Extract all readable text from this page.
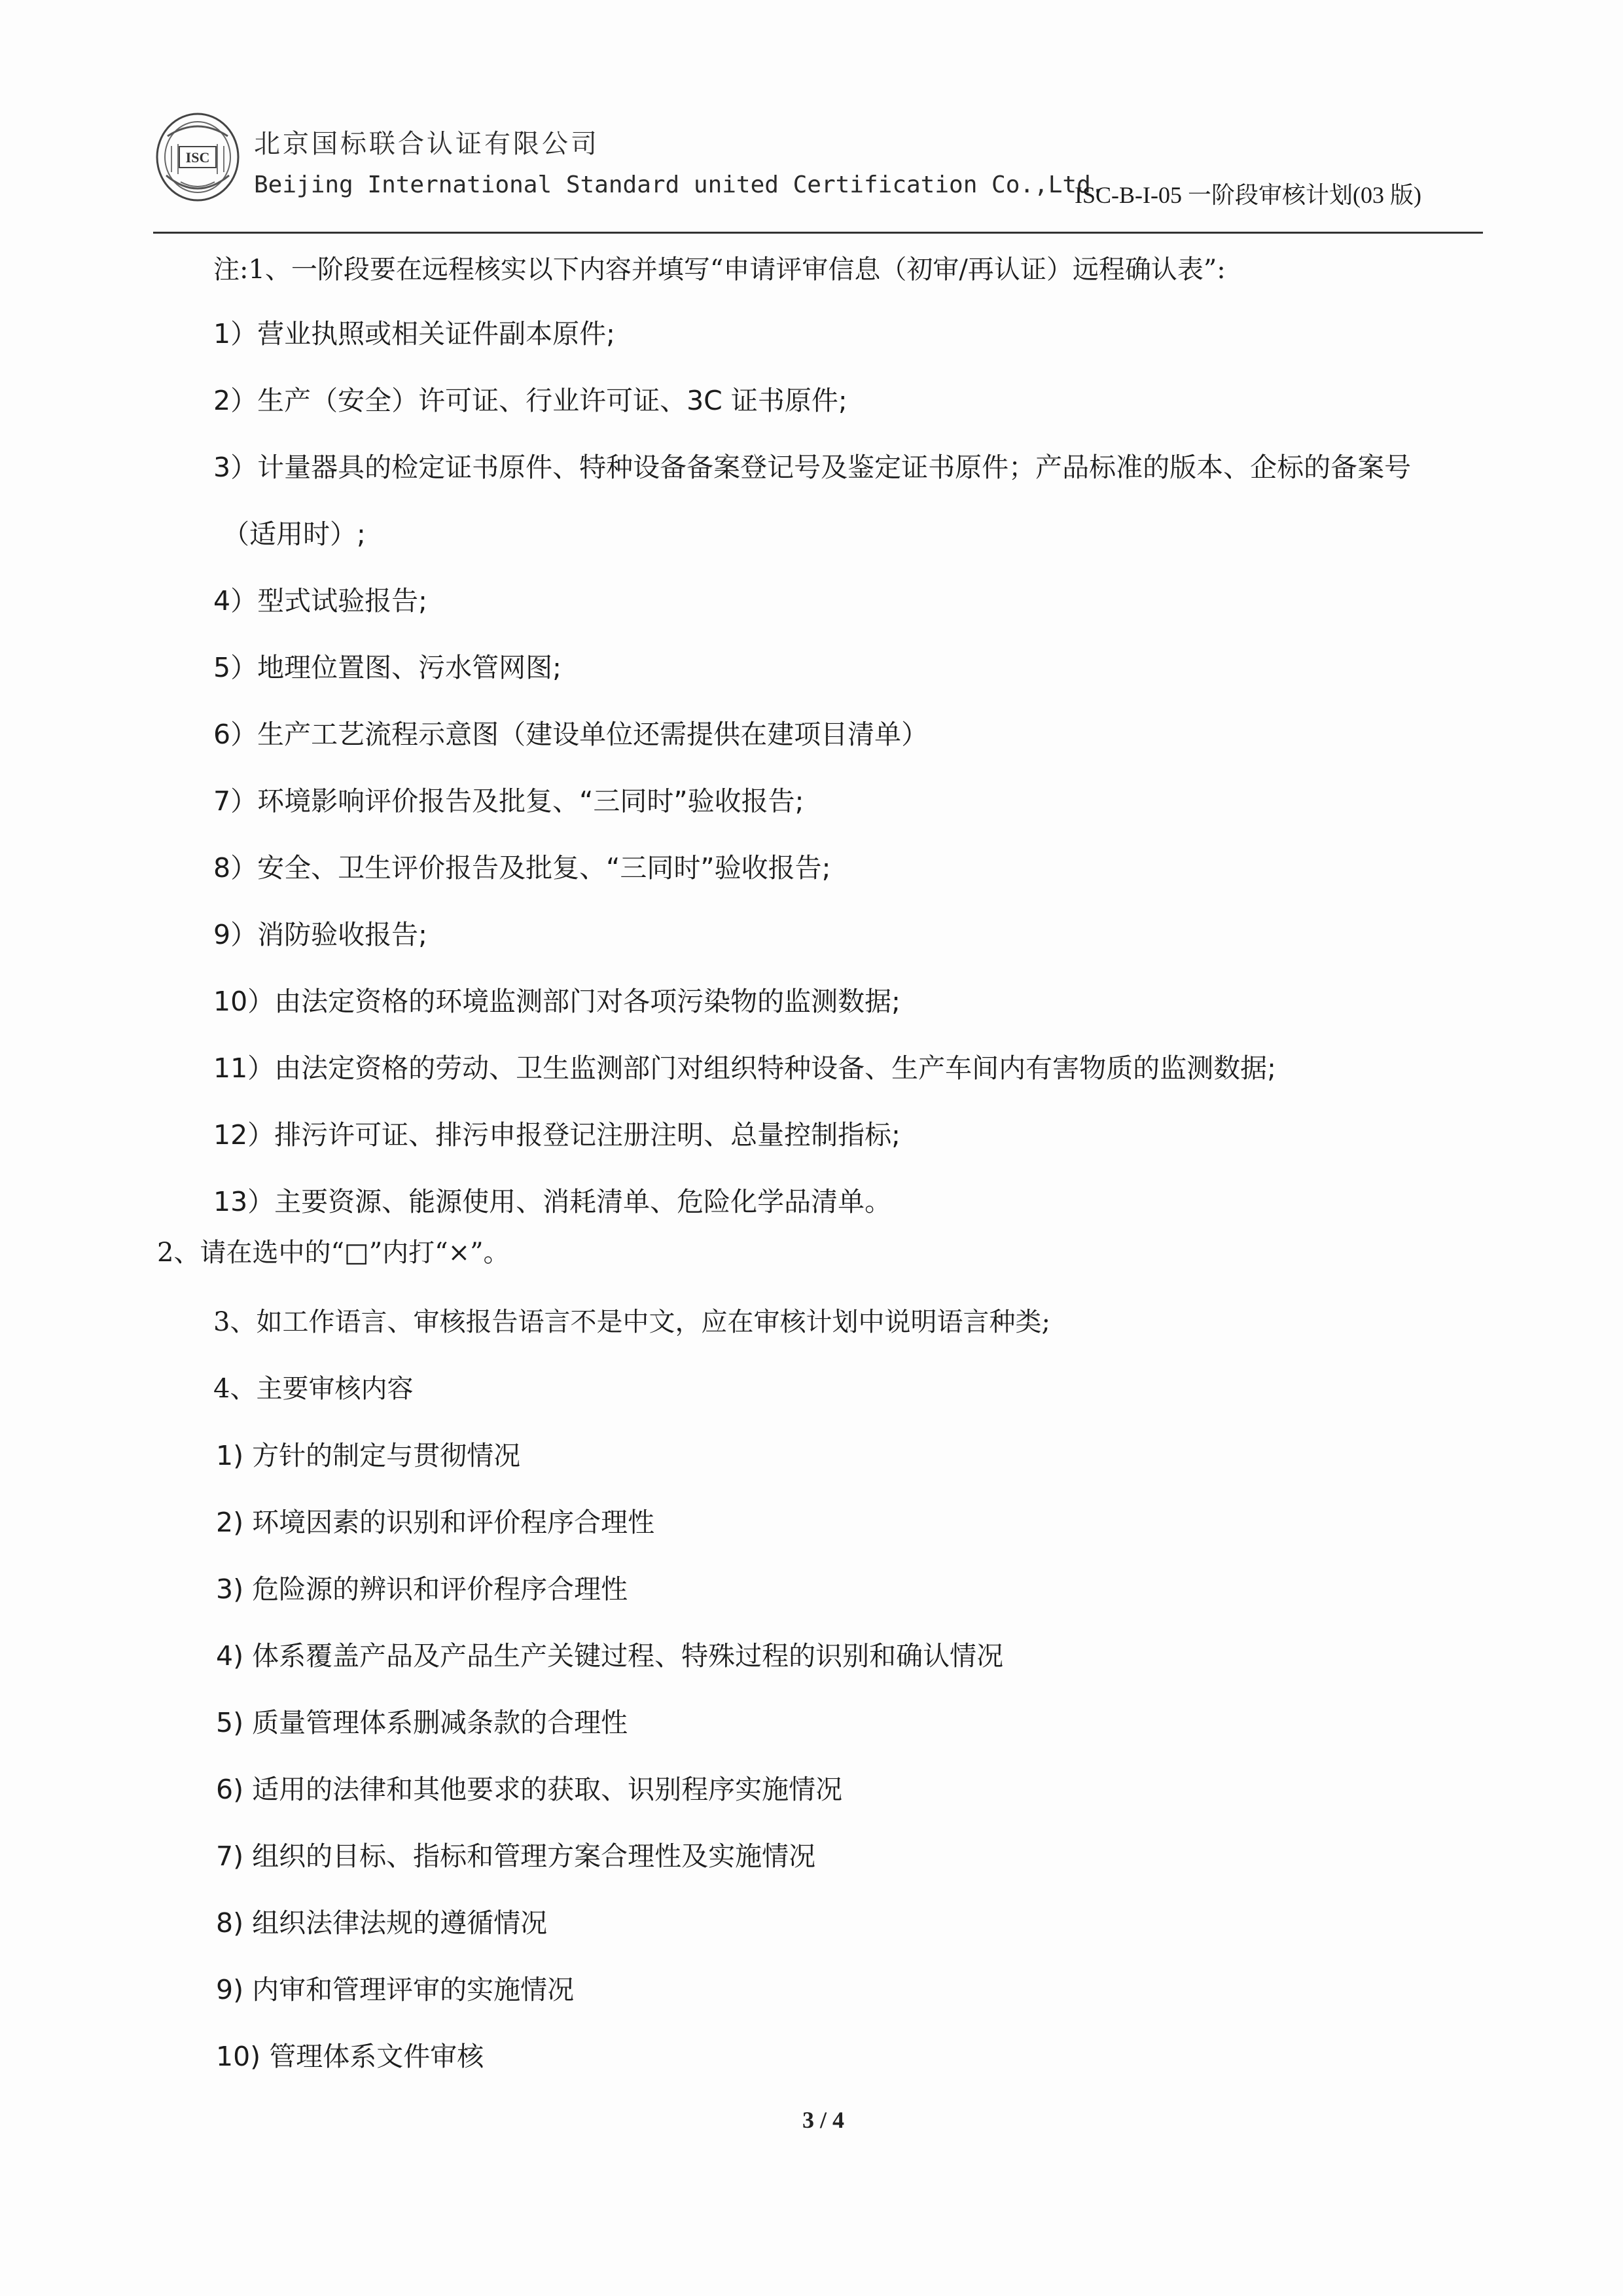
ISC 北京国标联合认证有限公司
Beijing International Standard united Certification Co.,Ltd.
ISC-B-I-05 一阶段审核计划(03 版)
注:1、一阶段要在远程核实以下内容并填写“申请评审信息（初审/再认证）远程确认表”:
1）营业执照或相关证件副本原件;
2）生产（安全）许可证、行业许可证、3C 证书原件;
3）计量器具的检定证书原件、特种设备备案登记号及鉴定证书原件；产品标准的版本、企标的备案号
（适用时）;
4）型式试验报告;
5）地理位置图、污水管网图;
6）生产工艺流程示意图（建设单位还需提供在建项目清单）
7）环境影响评价报告及批复、“三同时”验收报告;
8）安全、卫生评价报告及批复、“三同时”验收报告;
9）消防验收报告;
10）由法定资格的环境监测部门对各项污染物的监测数据;
11）由法定资格的劳动、卫生监测部门对组织特种设备、生产车间内有害物质的监测数据;
12）排污许可证、排污申报登记注册注明、总量控制指标;
13）主要资源、能源使用、消耗清单、危险化学品清单。
2、请在选中的“□”内打“×”。
3、如工作语言、审核报告语言不是中文，应在审核计划中说明语言种类;
4、主要审核内容
1) 方针的制定与贯彻情况
2) 环境因素的识别和评价程序合理性
3) 危险源的辨识和评价程序合理性
4) 体系覆盖产品及产品生产关键过程、特殊过程的识别和确认情况
5) 质量管理体系删减条款的合理性
6) 适用的法律和其他要求的获取、识别程序实施情况
7) 组织的目标、指标和管理方案合理性及实施情况
8) 组织法律法规的遵循情况
9) 内审和管理评审的实施情况
10) 管理体系文件审核
3 / 4
